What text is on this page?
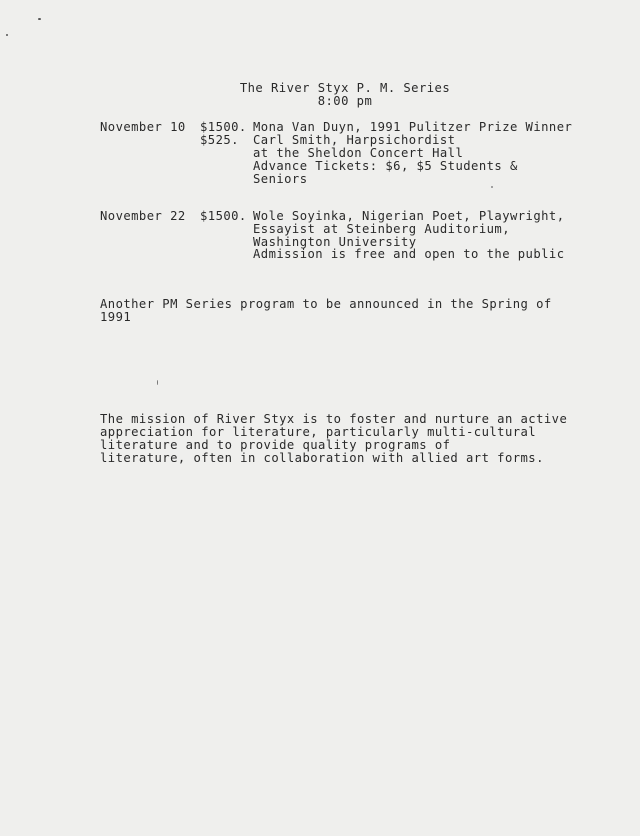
The River Styx P. M. Series
8:00 pm
November 10 $1500.
$525.
Mona Van Duyn, 1991 Pulitzer Prize Winner
Carl Smith, Harpsichordist
at the Sheldon Concert Hall
Advance Tickets: $6, $5 Students &
Seniors
November 22 $1500. Wole Soyinka, Nigerian Poet, Playwright,
Essayist at Steinberg Auditorium,
Washington University
Admission is free and open to the public
Another PM Series program to be announced in the Spring of
1991
The mission of River Styx is to foster and nurture an active
appreciation for literature, particularly multi-cultural
literature and to provide quality programs of
literature, often in collaboration with allied art forms.
